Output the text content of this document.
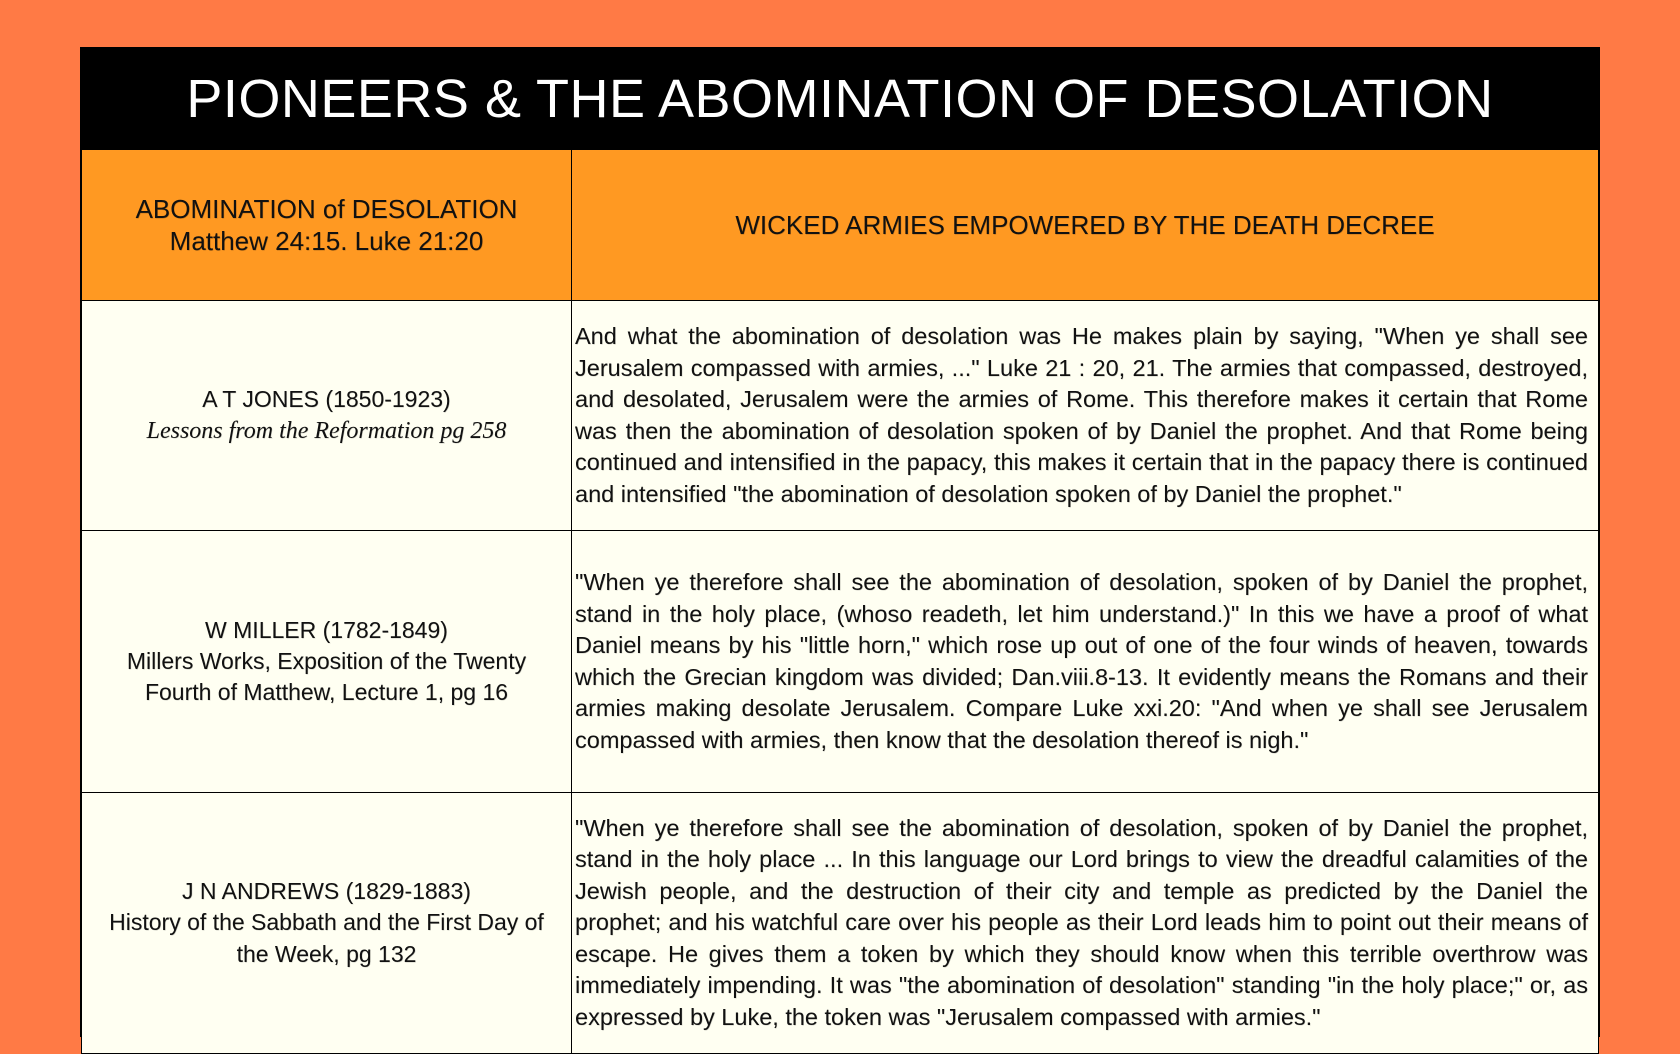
PIONEERS & THE ABOMINATION OF DESOLATION
ABOMINATION of DESOLATION
Matthew 24:15. Luke 21:20	WICKED ARMIES EMPOWERED BY THE DEATH DECREE

A T JONES (1850-1923)
Lessons from the Reformation pg 258	And what the abomination of desolation was He makes plain by saying, "When ye shall see Jerusalem compassed with armies, ..." Luke 21 : 20, 21. The armies that compassed, destroyed, and desolated, Jerusalem were the armies of Rome. This therefore makes it certain that Rome was then the abomination of desolation spoken of by Daniel the prophet. And that Rome being continued and intensified in the papacy, this makes it certain that in the papacy there is continued and intensified "the abomination of desolation spoken of by Daniel the prophet."

W MILLER (1782-1849)
Millers Works, Exposition of the Twenty Fourth of Matthew, Lecture 1, pg 16	"When ye therefore shall see the abomination of desolation, spoken of by Daniel the prophet, stand in the holy place, (whoso readeth, let him understand.)" In this we have a proof of what Daniel means by his "little horn," which rose up out of one of the four winds of heaven, towards which the Grecian kingdom was divided; Dan.viii.8-13. It evidently means the Romans and their armies making desolate Jerusalem. Compare Luke xxi.20: "And when ye shall see Jerusalem compassed with armies, then know that the desolation thereof is nigh."

J N ANDREWS (1829-1883)
History of the Sabbath and the First Day of the Week, pg 132	"When ye therefore shall see the abomination of desolation, spoken of by Daniel the prophet, stand in the holy place ... In this language our Lord brings to view the dreadful calamities of the Jewish people, and the destruction of their city and temple as predicted by the Daniel the prophet; and his watchful care over his people as their Lord leads him to point out their means of escape. He gives them a token by which they should know when this terrible overthrow was immediately impending. It was "the abomination of desolation" standing "in the holy place;" or, as expressed by Luke, the token was "Jerusalem compassed with armies."
